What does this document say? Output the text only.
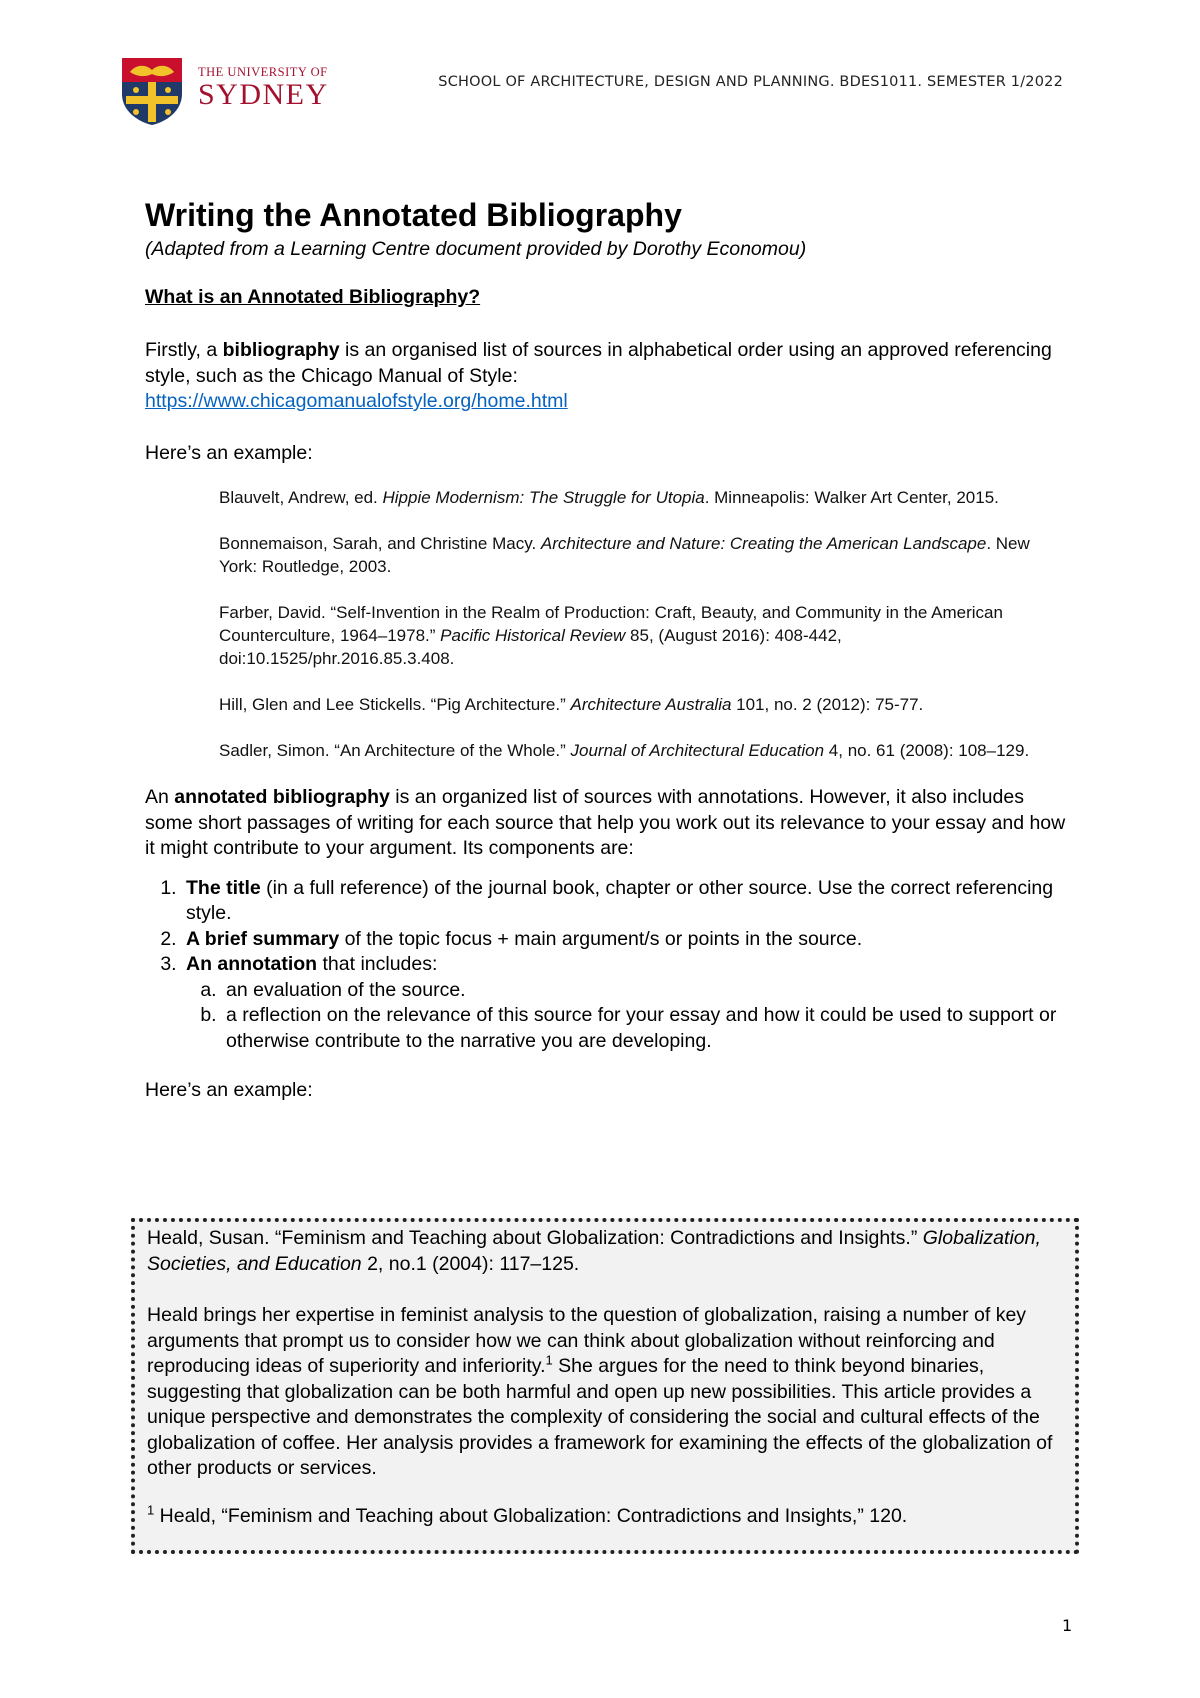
THE UNIVERSITY OF
SYDNEY	SCHOOL OF ARCHITECTURE, DESIGN AND PLANNING. BDES1011. SEMESTER 1/2022
Writing the Annotated Bibliography

(Adapted from a Learning Centre document provided by Dorothy Economou)

What is an Annotated Bibliography?

Firstly, a bibliography is an organised list of sources in alphabetical order using an approved referencing style, such as the Chicago Manual of Style:
https://www.chicagomanualofstyle.org/home.html

Here’s an example:

Blauvelt, Andrew, ed. Hippie Modernism: The Struggle for Utopia. Minneapolis: Walker Art Center, 2015.

Bonnemaison, Sarah, and Christine Macy. Architecture and Nature: Creating the American Landscape. New York: Routledge, 2003.

Farber, David. “Self-Invention in the Realm of Production: Craft, Beauty, and Community in the American Counterculture, 1964–1978.” Pacific Historical Review 85, (August 2016): 408-442, doi:10.1525/phr.2016.85.3.408.

Hill, Glen and Lee Stickells. “Pig Architecture.” Architecture Australia 101, no. 2 (2012): 75-77.

Sadler, Simon. “An Architecture of the Whole.” Journal of Architectural Education 4, no. 61 (2008): 108–129.

An annotated bibliography is an organized list of sources with annotations. However, it also includes some short passages of writing for each source that help you work out its relevance to your essay and how it might contribute to your argument. Its components are:

1. The title (in a full reference) of the journal book, chapter or other source. Use the correct referencing style.
2. A brief summary of the topic focus + main argument/s or points in the source.
3. An annotation that includes:
a. an evaluation of the source.
b. a reflection on the relevance of this source for your essay and how it could be used to support or otherwise contribute to the narrative you are developing.

Here’s an example:

Heald, Susan. “Feminism and Teaching about Globalization: Contradictions and Insights.” Globalization, Societies, and Education 2, no.1 (2004): 117–125.

Heald brings her expertise in feminist analysis to the question of globalization, raising a number of key arguments that prompt us to consider how we can think about globalization without reinforcing and reproducing ideas of superiority and inferiority.$^1$ She argues for the need to think beyond binaries, suggesting that globalization can be both harmful and open up new possibilities. This article provides a unique perspective and demonstrates the complexity of considering the social and cultural effects of the globalization of coffee. Her analysis provides a framework for examining the effects of the globalization of other products or services.

$^1$ Heald, “Feminism and Teaching about Globalization: Contradictions and Insights,” 120.

1
